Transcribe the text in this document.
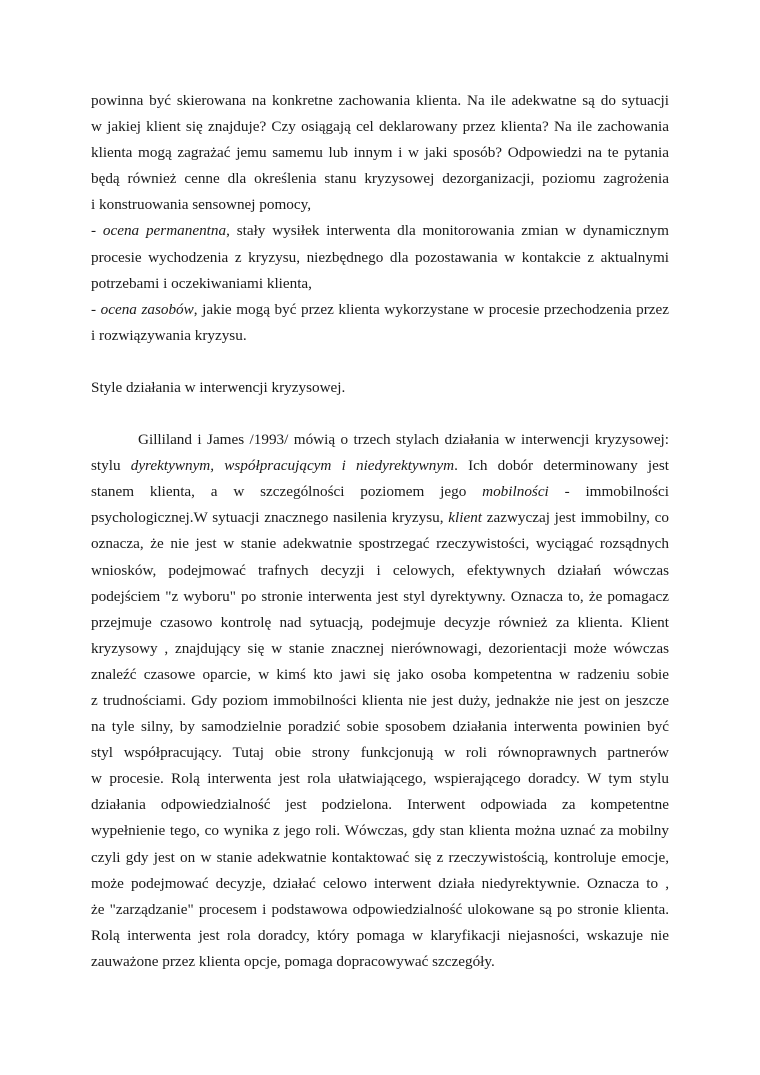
powinna być skierowana na konkretne zachowania klienta. Na ile adekwatne są do sytuacji
w jakiej klient się znajduje? Czy osiągają cel deklarowany przez klienta? Na ile zachowania
klienta mogą zagrażać jemu samemu lub innym i w jaki sposób? Odpowiedzi na te pytania
będą również cenne dla określenia stanu kryzysowej dezorganizacji, poziomu zagrożenia
i konstruowania sensownej pomocy,
- ocena permanentna, stały wysiłek interwenta dla monitorowania zmian w dynamicznym
procesie wychodzenia z kryzysu, niezbędnego dla pozostawania w kontakcie z aktualnymi
potrzebami i oczekiwaniami klienta,
- ocena zasobów, jakie mogą być przez klienta wykorzystane w procesie przechodzenia przez
i rozwiązywania kryzysu.
Style działania w interwencji kryzysowej.
Gilliland i James /1993/ mówią o trzech stylach działania w interwencji kryzysowej:
stylu dyrektywnym, współpracującym i niedyrektywnym. Ich dobór determinowany jest
stanem klienta, a w szczególności poziomem jego mobilności - immobilności
psychologicznej.W sytuacji znacznego nasilenia kryzysu, klient zazwyczaj jest immobilny, co
oznacza, że nie jest w stanie adekwatnie spostrzegać rzeczywistości, wyciągać rozsądnych
wniosków, podejmować trafnych decyzji i celowych, efektywnych działań wówczas
podejściem "z wyboru" po stronie interwenta jest styl dyrektywny. Oznacza to, że pomagacz
przejmuje czasowo kontrolę nad sytuacją, podejmuje decyzje również za klienta. Klient
kryzysowy , znajdujący się w stanie znacznej nierównowagi, dezorientacji może wówczas
znaleźć czasowe oparcie, w kimś kto jawi się jako osoba kompetentna w radzeniu sobie
z trudnościami. Gdy poziom immobilności klienta nie jest duży, jednakże nie jest on jeszcze
na tyle silny, by samodzielnie poradzić sobie sposobem działania interwenta powinien być
styl współpracujący. Tutaj obie strony funkcjonują w roli równoprawnych partnerów
w procesie. Rolą interwenta jest rola ułatwiającego, wspierającego doradcy. W tym stylu
działania odpowiedzialność jest podzielona. Interwent odpowiada za kompetentne
wypełnienie tego, co wynika z jego roli. Wówczas, gdy stan klienta można uznać za mobilny
czyli gdy jest on w stanie adekwatnie kontaktować się z rzeczywistością, kontroluje emocje,
może podejmować decyzje, działać celowo interwent działa niedyrektywnie. Oznacza to ,
że "zarządzanie" procesem i podstawowa odpowiedzialność ulokowane są po stronie klienta.
Rolą interwenta jest rola doradcy, który pomaga w klaryfikacji niejasności, wskazuje nie
zauważone przez klienta opcje, pomaga dopracowywać szczegóły.
